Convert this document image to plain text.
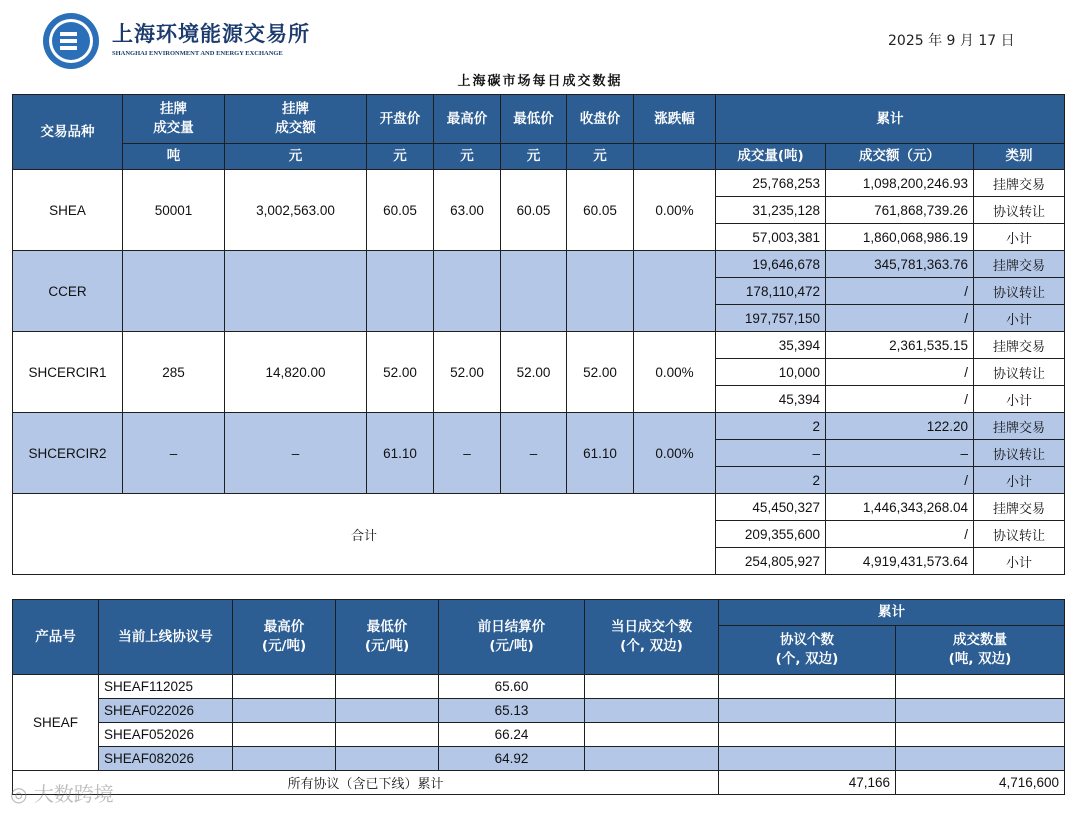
上海环境能源交易所
SHANGHAI ENVIRONMENT AND ENERGY EXCHANGE
2025 年 9 月 17 日
上海碳市场每日成交数据
交易品种	挂牌
成交量	挂牌
成交额	开盘价	最高价	最低价	收盘价	涨跌幅	累计		
	吨	元	元	元	元	元		成交量(吨)	成交额（元）	类别
SHEA	50001	3,002,563.00	60.05	63.00	60.05	60.05	0.00%	25,768,253	1,098,200,246.93	挂牌交易
								31,235,128	761,868,739.26	协议转让
								57,003,381	1,860,068,986.19	小计
CCER								19,646,678	345,781,363.76	挂牌交易
								178,110,472	/	协议转让
								197,757,150	/	小计
SHCERCIR1	285	14,820.00	52.00	52.00	52.00	52.00	0.00%	35,394	2,361,535.15	挂牌交易
								10,000	/	协议转让
								45,394	/	小计
SHCERCIR2	–	–	61.10	–	–	61.10	0.00%	2	122.20	挂牌交易
								–	–	协议转让
								2	/	小计
合计								45,450,327	1,446,343,268.04	挂牌交易
								209,355,600	/	协议转让
								254,805,927	4,919,431,573.64	小计
产品号	当前上线协议号	最高价
(元/吨)	最低价
(元/吨)	前日结算价
(元/吨)	当日成交个数
(个, 双边)	累计	
						协议个数
(个, 双边)	成交数量
(吨, 双边)
SHEAF	SHEAF112025			65.60			
	SHEAF022026			65.13			
	SHEAF052026			66.24			
	SHEAF082026			64.92			
所有协议（含已下线）累计						47,166	4,716,600
◎ 大数跨境
